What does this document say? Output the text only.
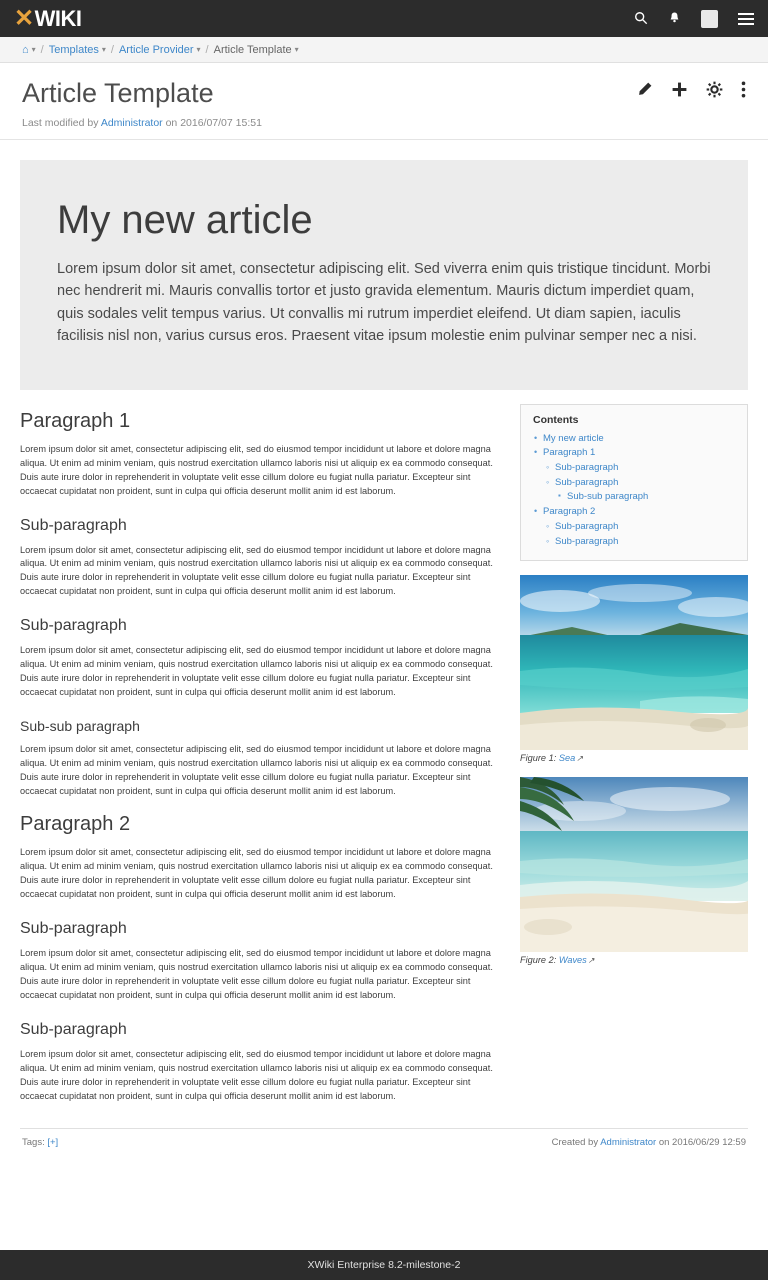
✕ WIKI
⌂ ▾ / Templates ▾ / Article Provider ▾ / Article Template ▾
Article Template
Last modified by Administrator on 2016/07/07 15:51
My new article

Lorem ipsum dolor sit amet, consectetur adipiscing elit. Sed viverra enim quis tristique tincidunt. Morbi nec hendrerit mi. Mauris convallis tortor et justo gravida elementum. Mauris dictum imperdiet quam, quis sodales velit tempus varius. Ut convallis mi rutrum imperdiet eleifend. Ut diam sapien, iaculis facilisis nisl non, varius cursus eros. Praesent vitae ipsum molestie enim pulvinar semper nec a nisi.

Paragraph 1

Lorem ipsum dolor sit amet, consectetur adipiscing elit, sed do eiusmod tempor incididunt ut labore et dolore magna aliqua. Ut enim ad minim veniam, quis nostrud exercitation ullamco laboris nisi ut aliquip ex ea commodo consequat. Duis aute irure dolor in reprehenderit in voluptate velit esse cillum dolore eu fugiat nulla pariatur. Excepteur sint occaecat cupidatat non proident, sunt in culpa qui officia deserunt mollit anim id est laborum.

Sub-paragraph

Lorem ipsum dolor sit amet, consectetur adipiscing elit, sed do eiusmod tempor incididunt ut labore et dolore magna aliqua. Ut enim ad minim veniam, quis nostrud exercitation ullamco laboris nisi ut aliquip ex ea commodo consequat. Duis aute irure dolor in reprehenderit in voluptate velit esse cillum dolore eu fugiat nulla pariatur. Excepteur sint occaecat cupidatat non proident, sunt in culpa qui officia deserunt mollit anim id est laborum.

Sub-paragraph

Lorem ipsum dolor sit amet, consectetur adipiscing elit, sed do eiusmod tempor incididunt ut labore et dolore magna aliqua. Ut enim ad minim veniam, quis nostrud exercitation ullamco laboris nisi ut aliquip ex ea commodo consequat. Duis aute irure dolor in reprehenderit in voluptate velit esse cillum dolore eu fugiat nulla pariatur. Excepteur sint occaecat cupidatat non proident, sunt in culpa qui officia deserunt mollit anim id est laborum.

Sub-sub paragraph

Lorem ipsum dolor sit amet, consectetur adipiscing elit, sed do eiusmod tempor incididunt ut labore et dolore magna aliqua. Ut enim ad minim veniam, quis nostrud exercitation ullamco laboris nisi ut aliquip ex ea commodo consequat. Duis aute irure dolor in reprehenderit in voluptate velit esse cillum dolore eu fugiat nulla pariatur. Excepteur sint occaecat cupidatat non proident, sunt in culpa qui officia deserunt mollit anim id est laborum.

Paragraph 2

Lorem ipsum dolor sit amet, consectetur adipiscing elit, sed do eiusmod tempor incididunt ut labore et dolore magna aliqua. Ut enim ad minim veniam, quis nostrud exercitation ullamco laboris nisi ut aliquip ex ea commodo consequat. Duis aute irure dolor in reprehenderit in voluptate velit esse cillum dolore eu fugiat nulla pariatur. Excepteur sint occaecat cupidatat non proident, sunt in culpa qui officia deserunt mollit anim id est laborum.

Sub-paragraph

Lorem ipsum dolor sit amet, consectetur adipiscing elit, sed do eiusmod tempor incididunt ut labore et dolore magna aliqua. Ut enim ad minim veniam, quis nostrud exercitation ullamco laboris nisi ut aliquip ex ea commodo consequat. Duis aute irure dolor in reprehenderit in voluptate velit esse cillum dolore eu fugiat nulla pariatur. Excepteur sint occaecat cupidatat non proident, sunt in culpa qui officia deserunt mollit anim id est laborum.

Sub-paragraph

Lorem ipsum dolor sit amet, consectetur adipiscing elit, sed do eiusmod tempor incididunt ut labore et dolore magna aliqua. Ut enim ad minim veniam, quis nostrud exercitation ullamco laboris nisi ut aliquip ex ea commodo consequat. Duis aute irure dolor in reprehenderit in voluptate velit esse cillum dolore eu fugiat nulla pariatur. Excepteur sint occaecat cupidatat non proident, sunt in culpa qui officia deserunt mollit anim id est laborum.

Contents
• My new article
• Paragraph 1
◦ Sub-paragraph
◦ Sub-paragraph
▪ Sub-sub paragraph
• Paragraph 2
◦ Sub-paragraph
◦ Sub-paragraph
Figure 1: Sea↗
Figure 2: Waves↗
Tags: [+]	Created by Administrator on 2016/06/29 12:59
XWiki Enterprise 8.2-milestone-2
